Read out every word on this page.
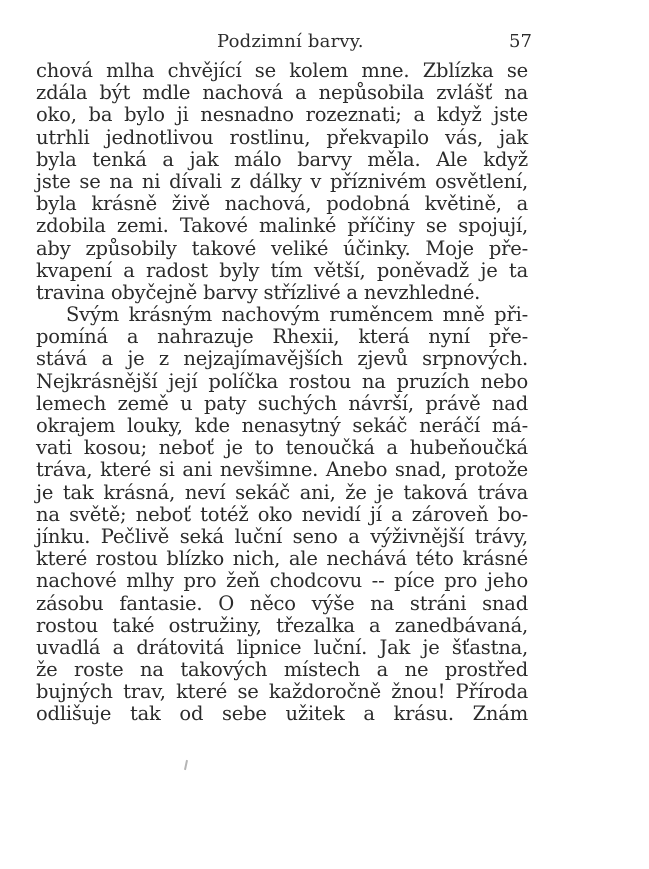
Podzimní barvy.	57
chová mlha chvějící se kolem mne. Zblízka se
zdála být mdle nachová a nepůsobila zvlášť na
oko, ba bylo ji nesnadno rozeznati; a když jste
utrhli jednotlivou rostlinu, překvapilo vás, jak
byla tenká a jak málo barvy měla. Ale když
jste se na ni dívali z dálky v příznivém osvětlení,
byla krásně živě nachová, podobná květině, a
zdobila zemi. Takové malinké příčiny se spojují,
aby způsobily takové veliké účinky. Moje pře-
kvapení a radost byly tím větší, poněvadž je ta
travina obyčejně barvy střízlivé a nevzhledné.
Svým krásným nachovým ruměncem mně při-
pomíná a nahrazuje Rhexii, která nyní pře-
stává a je z nejzajímavějších zjevů srpnových.
Nejkrásnější její políčka rostou na pruzích nebo
lemech země u paty suchých návrší, právě nad
okrajem louky, kde nenasytný sekáč neráčí má-
vati kosou; neboť je to tenoučká a hubeňoučká
tráva, které si ani nevšimne. Anebo snad, protože
je tak krásná, neví sekáč ani, že je taková tráva
na světě; neboť totéž oko nevidí jí a zároveň bo-
jínku. Pečlivě seká luční seno a výživnější trávy,
které rostou blízko nich, ale nechává této krásné
nachové mlhy pro žeň chodcovu -- píce pro jeho
zásobu fantasie. O něco výše na stráni snad
rostou také ostružiny, třezalka a zanedbávaná,
uvadlá a drátovitá lipnice luční. Jak je šťastna,
že roste na takových místech a ne prostřed
bujných trav, které se každoročně žnou! Příroda
odlišuje tak od sebe užitek a krásu. Znám
